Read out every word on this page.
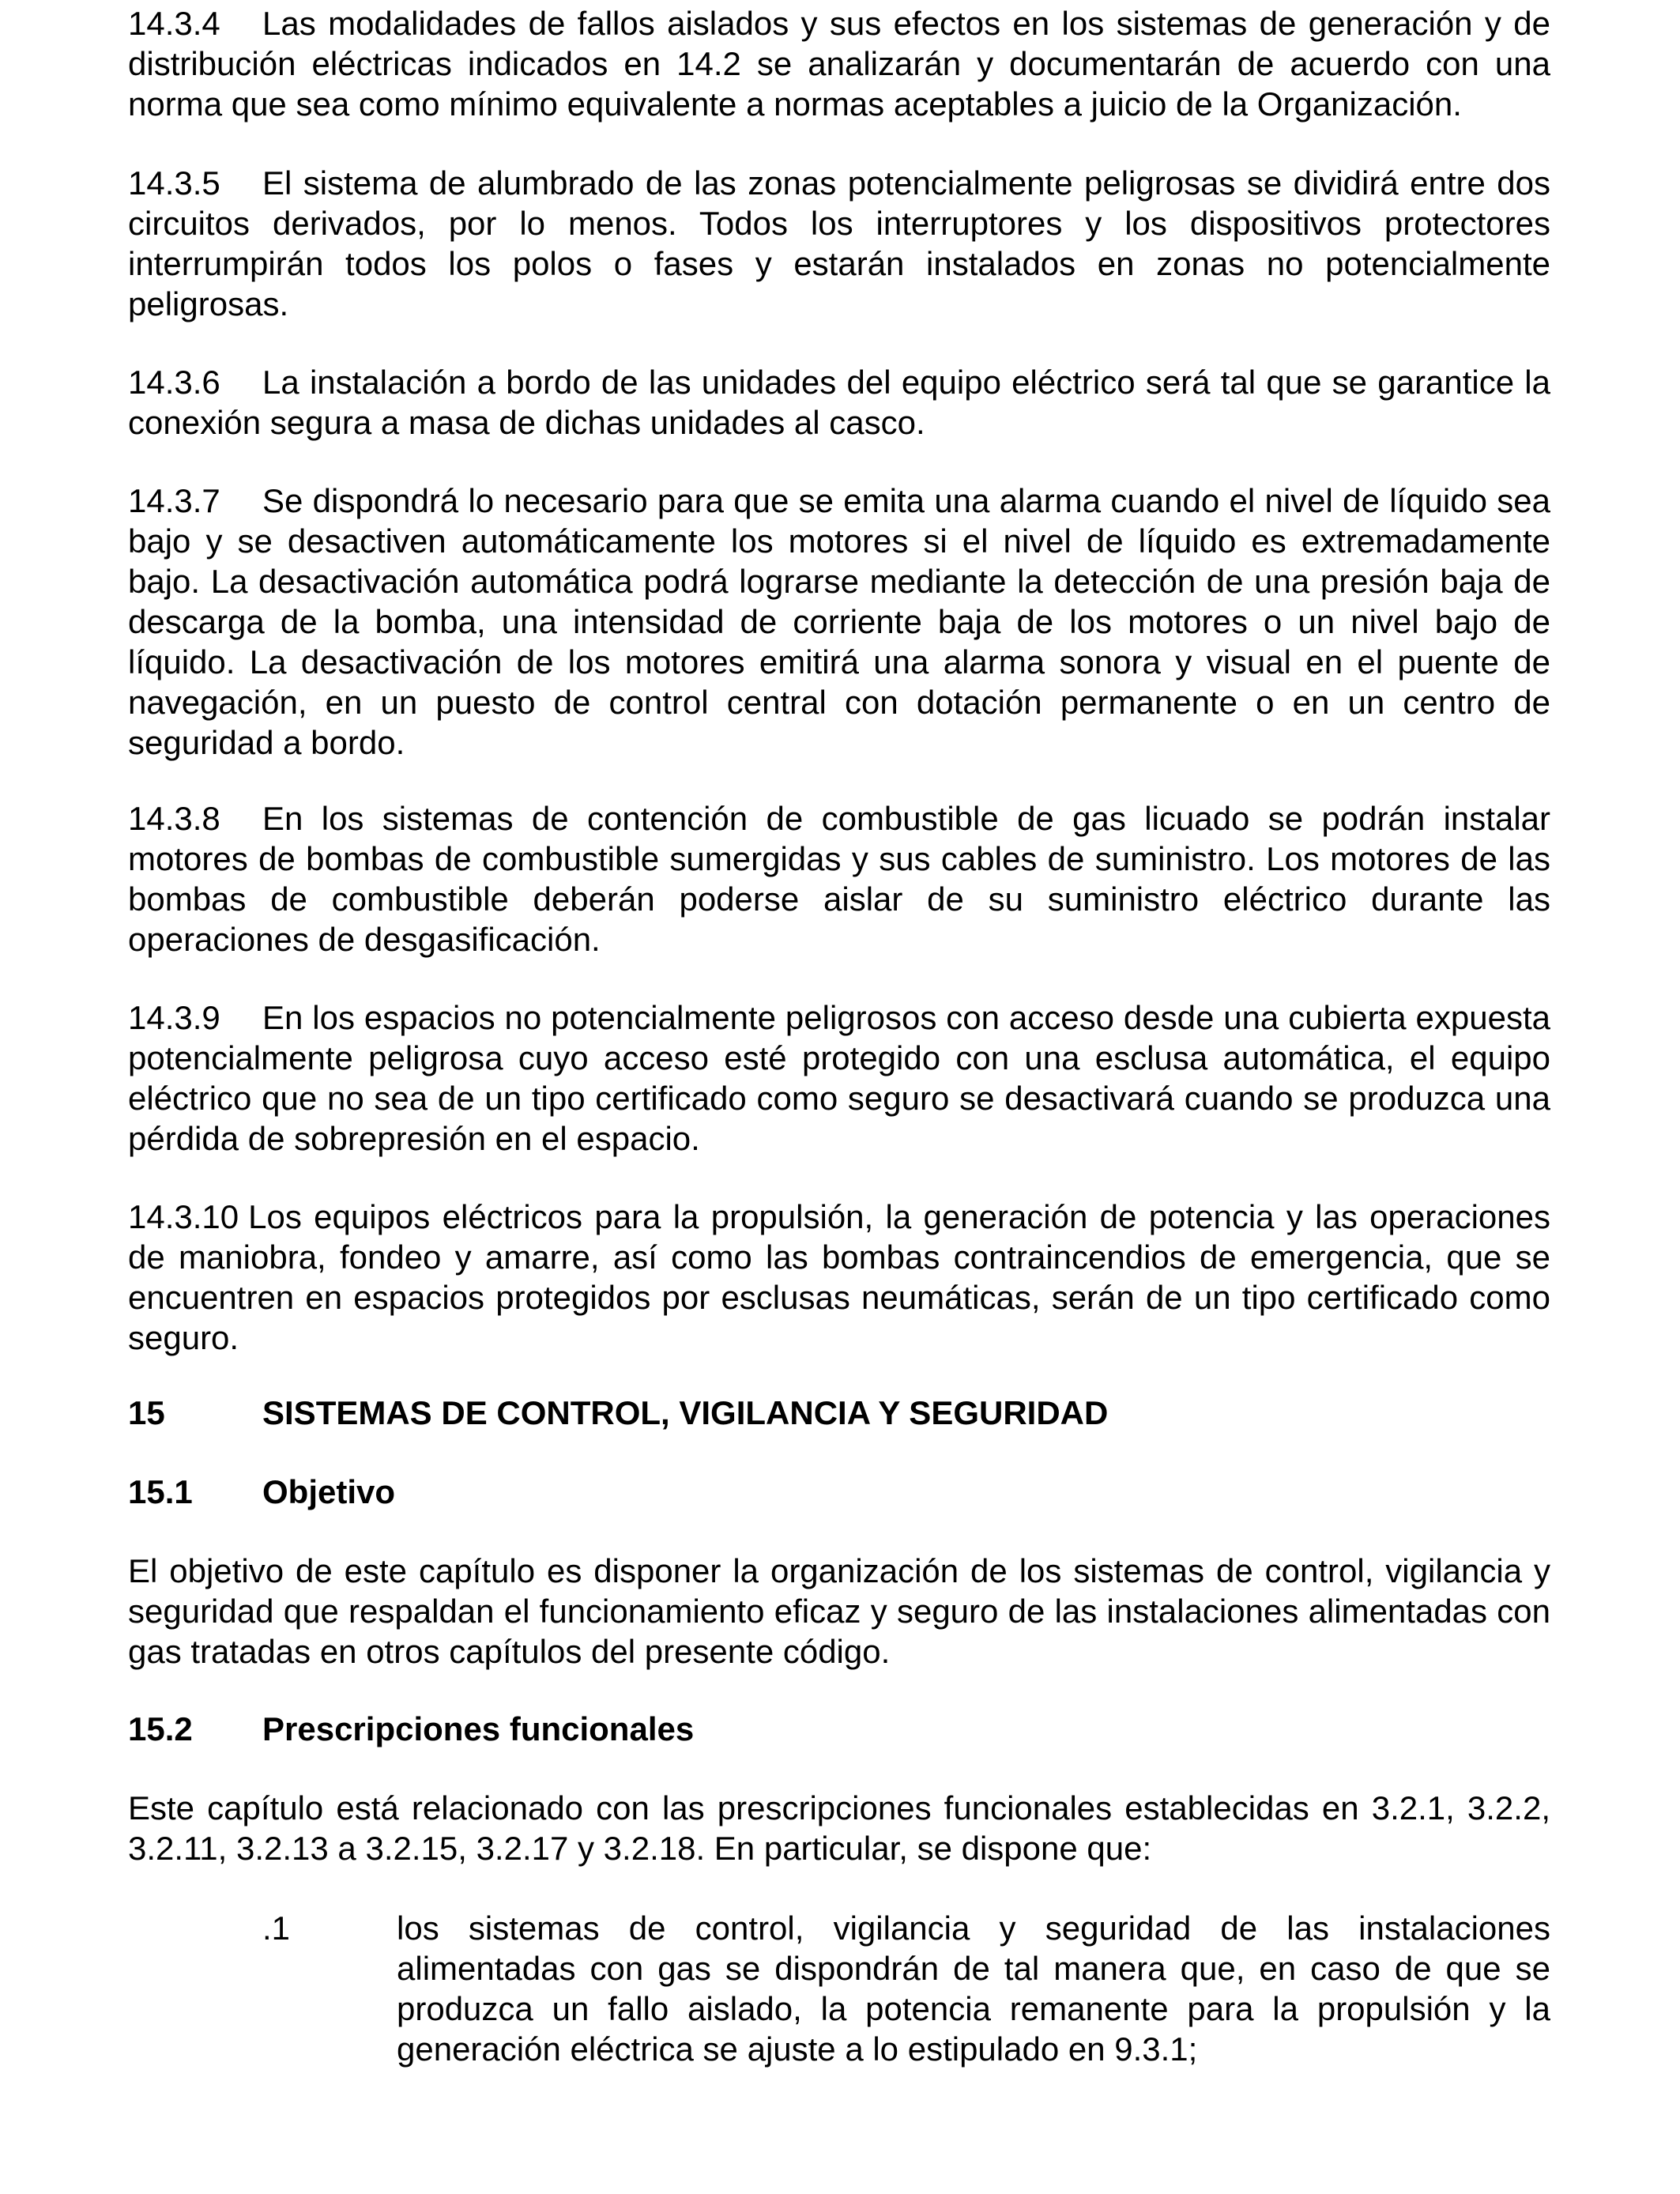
14.3.4 Las modalidades de fallos aislados y sus efectos en los sistemas de generación y de distribución eléctricas indicados en 14.2 se analizarán y documentarán de acuerdo con una norma que sea como mínimo equivalente a normas aceptables a juicio de la Organización.

14.3.5 El sistema de alumbrado de las zonas potencialmente peligrosas se dividirá entre dos circuitos derivados, por lo menos. Todos los interruptores y los dispositivos protectores interrumpirán todos los polos o fases y estarán instalados en zonas no potencialmente peligrosas.

14.3.6 La instalación a bordo de las unidades del equipo eléctrico será tal que se garantice la conexión segura a masa de dichas unidades al casco.

14.3.7 Se dispondrá lo necesario para que se emita una alarma cuando el nivel de líquido sea bajo y se desactiven automáticamente los motores si el nivel de líquido es extremadamente bajo. La desactivación automática podrá lograrse mediante la detección de una presión baja de descarga de la bomba, una intensidad de corriente baja de los motores o un nivel bajo de líquido. La desactivación de los motores emitirá una alarma sonora y visual en el puente de navegación, en un puesto de control central con dotación permanente o en un centro de seguridad a bordo.

14.3.8 En los sistemas de contención de combustible de gas licuado se podrán instalar motores de bombas de combustible sumergidas y sus cables de suministro. Los motores de las bombas de combustible deberán poderse aislar de su suministro eléctrico durante las operaciones de desgasificación.

14.3.9 En los espacios no potencialmente peligrosos con acceso desde una cubierta expuesta potencialmente peligrosa cuyo acceso esté protegido con una esclusa automática, el equipo eléctrico que no sea de un tipo certificado como seguro se desactivará cuando se produzca una pérdida de sobrepresión en el espacio.

14.3.10 Los equipos eléctricos para la propulsión, la generación de potencia y las operaciones de maniobra, fondeo y amarre, así como las bombas contraincendios de emergencia, que se encuentren en espacios protegidos por esclusas neumáticas, serán de un tipo certificado como seguro.

15	SISTEMAS DE CONTROL, VIGILANCIA Y SEGURIDAD
15.1	Objetivo

El objetivo de este capítulo es disponer la organización de los sistemas de control, vigilancia y seguridad que respaldan el funcionamiento eficaz y seguro de las instalaciones alimentadas con gas tratadas en otros capítulos del presente código.

15.2	Prescripciones funcionales

Este capítulo está relacionado con las prescripciones funcionales establecidas en 3.2.1, 3.2.2, 3.2.11, 3.2.13 a 3.2.15, 3.2.17 y 3.2.18. En particular, se dispone que:

.1	los sistemas de control, vigilancia y seguridad de las instalaciones alimentadas con gas se dispondrán de tal manera que, en caso de que se produzca un fallo aislado, la potencia remanente para la propulsión y la generación eléctrica se ajuste a lo estipulado en 9.3.1;
